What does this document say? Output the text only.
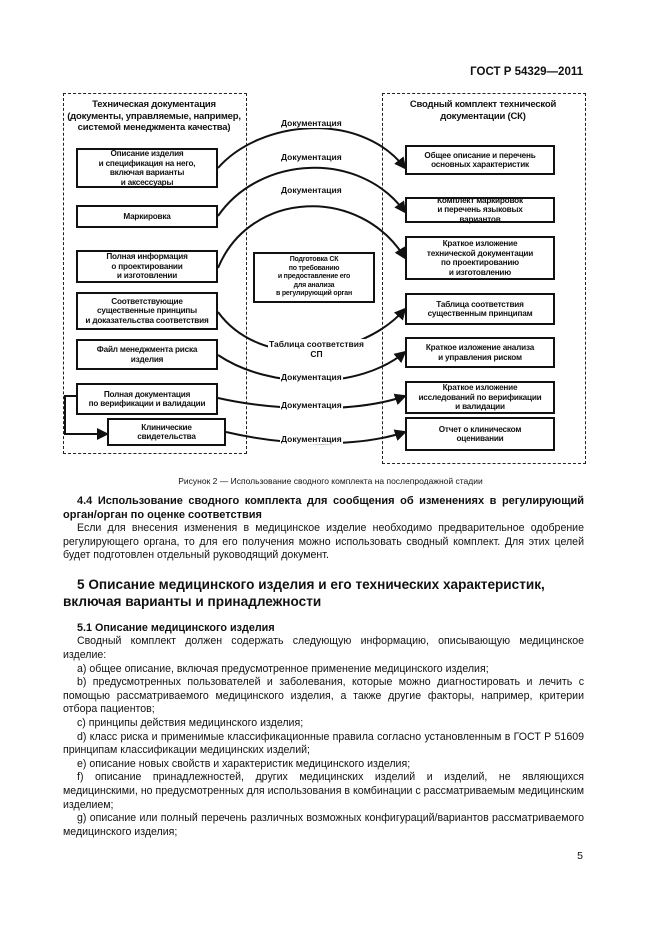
ГОСТ Р 54329—2011
Техническая документация
(документы, управляемые, например,
системой менеджмента качества)
Сводный комплект технической
документации (СК)
Описание изделия
и спецификация на него,
включая варианты
и аксессуары
Маркировка
Полная информация
о проектировании
и изготовлении
Соответствующие
существенные принципы
и доказательства соответствия
Файл менеджмента риска
изделия
Полная документация
по верификации и валидации
Клинические
свидетельства
Подготовка СК
по требованию
и предоставление его
для анализа
в регулирующий орган
Общее описание и перечень
основных характеристик
Комплект маркировок
и перечень языковых
вариантов
Краткое изложение
технической документации
по проектированию
и изготовлению
Таблица соответствия
существенным принципам
Краткое изложение анализа
и управления риском
Краткое изложение
исследований по верификации
и валидации
Отчет о клиническом
оценивании
Документация
Документация
Документация
Таблица соответствия
СП
Документация
Документация
Документация
Рисунок 2 — Использование сводного комплекта на послепродажной стадии
4.4 Использование сводного комплекта для сообщения об изменениях в регулирующий орган/орган по оценке соответствия

Если для внесения изменения в медицинское изделие необходимо предварительное одобрение регулирующего органа, то для его получения можно использовать сводный комплект. Для этих целей будет подготовлен отдельный руководящий документ.

5 Описание медицинского изделия и его технических характеристик, включая варианты и принадлежности
5.1 Описание медицинского изделия

Сводный комплект должен содержать следующую информацию, описывающую медицинское изделие:

а) общее описание, включая предусмотренное применение медицинского изделия;

b) предусмотренных пользователей и заболевания, которые можно диагностировать и лечить с помощью рассматриваемого медицинского изделия, а также другие факторы, например, критерии отбора пациентов;

c) принципы действия медицинского изделия;

d) класс риска и применимые классификационные правила согласно установленным в ГОСТ Р 51609 принципам классификации медицинских изделий;

e) описание новых свойств и характеристик медицинского изделия;

f) описание принадлежностей, других медицинских изделий и изделий, не являющихся медицинскими, но предусмотренных для использования в комбинации с рассматриваемым медицинским изделием;

g) описание или полный перечень различных возможных конфигураций/вариантов рассматриваемого медицинского изделия;

5
